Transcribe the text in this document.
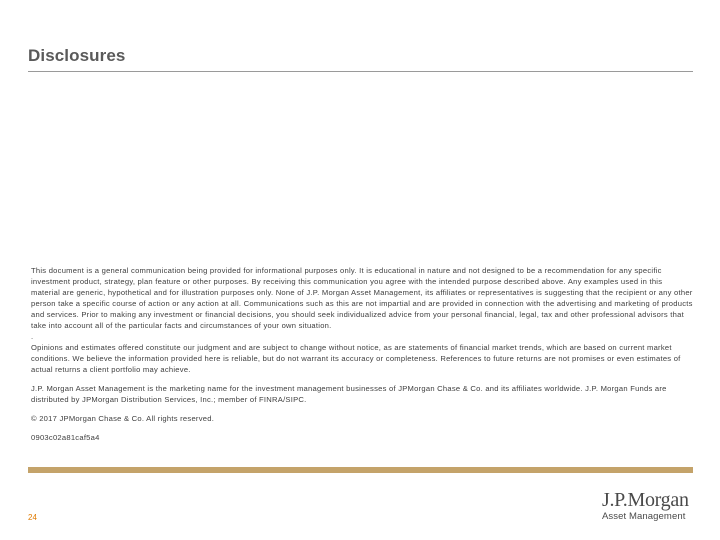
Disclosures

This document is a general communication being provided for informational purposes only. It is educational in nature and not designed to be a recommendation for any specific investment product, strategy, plan feature or other purposes. By receiving this communication you agree with the intended purpose described above. Any examples used in this material are generic, hypothetical and for illustration purposes only. None of J.P. Morgan Asset Management, its affiliates or representatives is suggesting that the recipient or any other person take a specific course of action or any action at all. Communications such as this are not impartial and are provided in connection with the advertising and marketing of products and services. Prior to making any investment or financial decisions, you should seek individualized advice from your personal financial, legal, tax and other professional advisors that take into account all of the particular facts and circumstances of your own situation.

.

Opinions and estimates offered constitute our judgment and are subject to change without notice, as are statements of financial market trends, which are based on current market conditions. We believe the information provided here is reliable, but do not warrant its accuracy or completeness. References to future returns are not promises or even estimates of actual returns a client portfolio may achieve.

J.P. Morgan Asset Management is the marketing name for the investment management businesses of JPMorgan Chase & Co. and its affiliates worldwide. J.P. Morgan Funds are distributed by JPMorgan Distribution Services, Inc.; member of FINRA/SIPC.

© 2017 JPMorgan Chase & Co. All rights reserved.

0903c02a81caf5a4

J.P.Morgan
Asset Management
24
